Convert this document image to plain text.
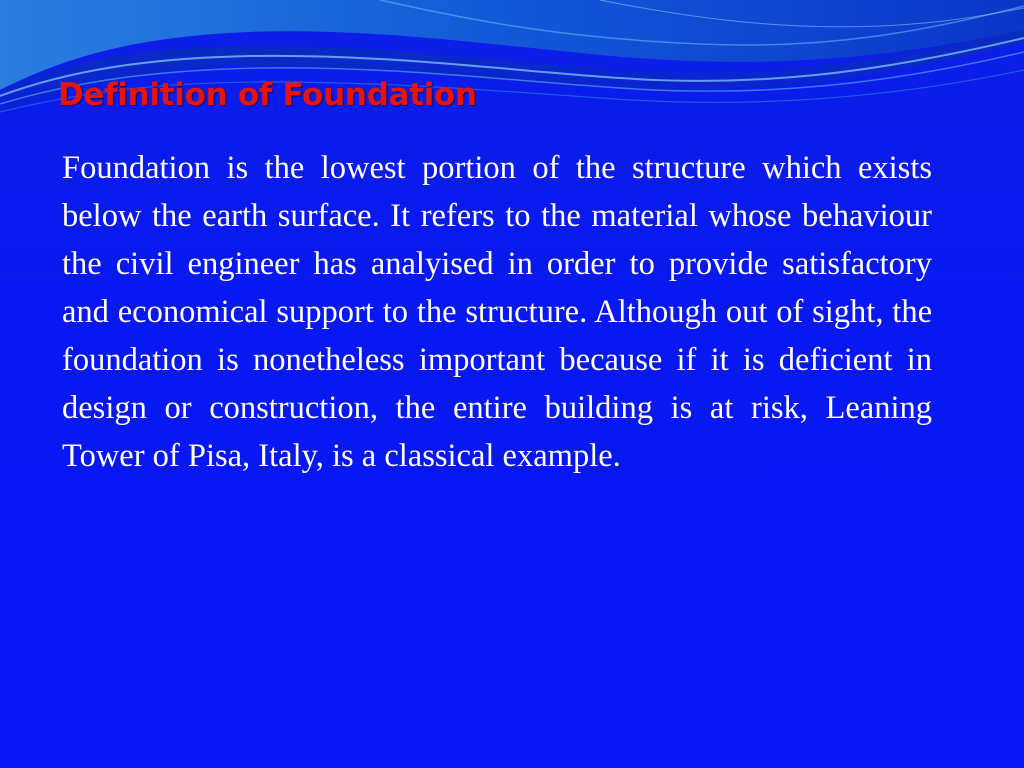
Definition of Foundation

Foundation is the lowest portion of the structure which exists below the earth surface. It refers to the material whose behaviour the civil engineer has analyised in order to provide satisfactory and economical support to the structure. Although out of sight, the foundation is nonetheless important because if it is deficient in design or construction, the entire building is at risk, Leaning Tower of Pisa, Italy, is a classical example.
